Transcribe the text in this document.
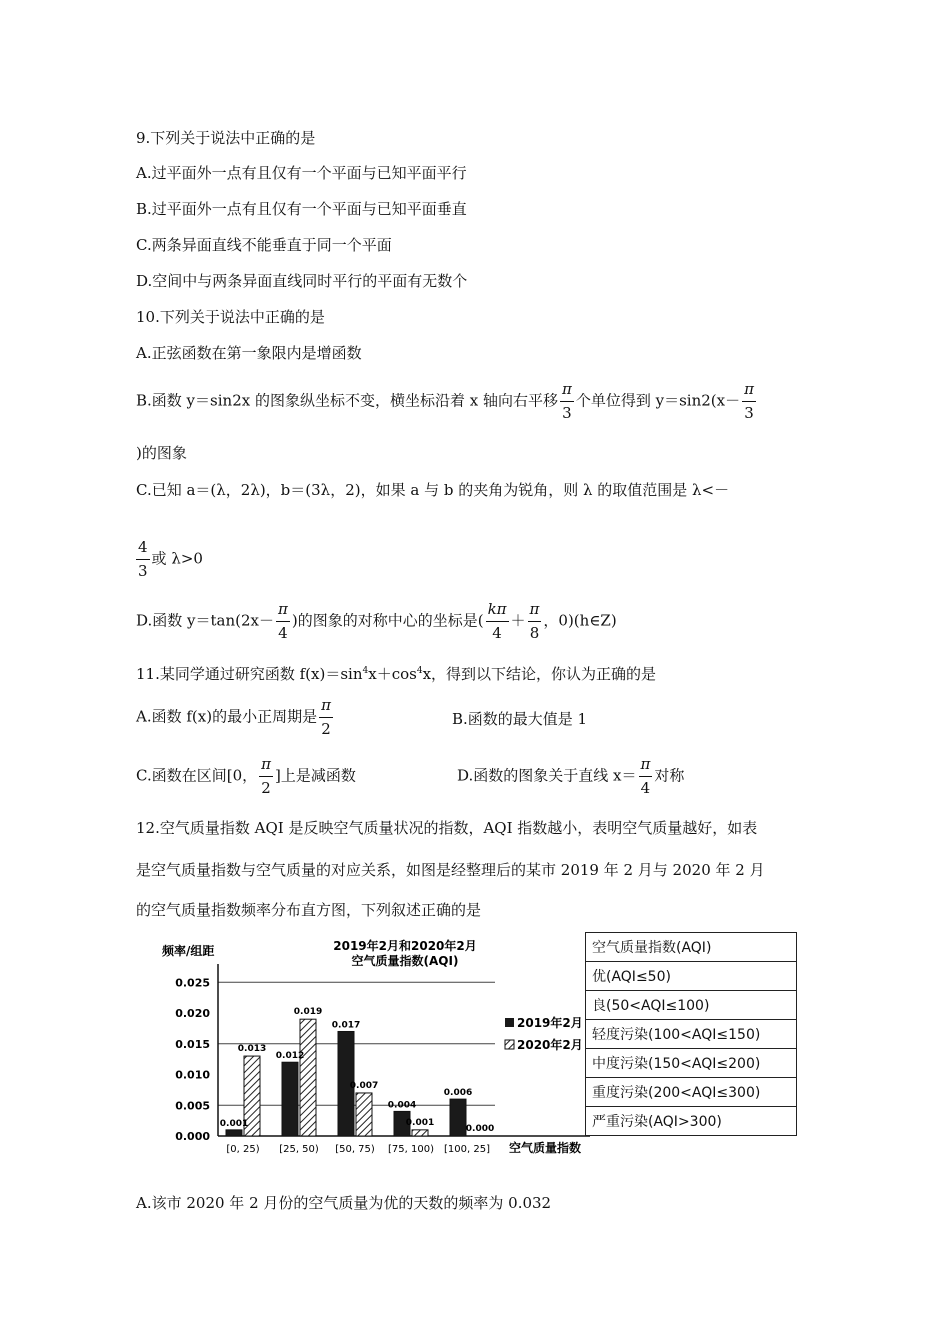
9.下列关于说法中正确的是
A.过平面外一点有且仅有一个平面与已知平面平行
B.过平面外一点有且仅有一个平面与已知平面垂直
C.两条异面直线不能垂直于同一个平面
D.空间中与两条异面直线同时平行的平面有无数个
10.下列关于说法中正确的是
A.正弦函数在第一象限内是增函数
B.函数 y＝sin2x 的图象纵坐标不变，横坐标沿着 x 轴向右平移 $\frac{\pi}{3}$ 个单位得到 $y=\sin 2(x- \frac{\pi}{3}$
)的图象
C.已知 a＝(λ，2λ)，b＝(3λ，2)，如果 a 与 b 的夹角为锐角，则 λ 的取值范围是 λ<－
$\frac{4}{3}$ 或 λ>0
D.函数 $y=\tan(2x- \frac{\pi}{4}$ )的图象的对称中心的坐标是( $\frac{k\pi}{4} + \frac{\pi}{8}$ ，0)(h∈Z)
11.某同学通过研究函数 $f(x)=\sin^4x+\cos^4x$，得到以下结论，你认为正确的是
A.函数 f(x)的最小正周期是 $\frac{\pi}{2}$	B.函数的最大值是 1
C.函数在区间[0， $\frac{\pi}{2}$ ]上是减函数	D.函数的图象关于直线 $x= \frac{\pi}{4}$ 对称
12.空气质量指数 AQI 是反映空气质量状况的指数，AQI 指数越小，表明空气质量越好，如表
是空气质量指数与空气质量的对应关系，如图是经整理后的某市 2019 年 2 月与 2020 年 2 月
的空气质量指数频率分布直方图，下列叙述正确的是
2019年2月和2020年2月
空气质量指数(AQI)
频率/组距
0.000
0.005
0.010
0.015
0.020
0.025
0.001
0.013
[0, 25)
0.012
0.019
[25, 50)
0.017
0.007
[50, 75)
0.004
0.001
[75, 100)
0.006
0.000
[100, 25] 空气质量指数
2019年2月
2020年2月
空气质量指数(AQI)
优(AQI≤50)
良(50<AQI≤100)
轻度污染(100<AQI≤150)
中度污染(150<AQI≤200)
重度污染(200<AQI≤300)
严重污染(AQI>300)
A.该市 2020 年 2 月份的空气质量为优的天数的频率为 0.032
